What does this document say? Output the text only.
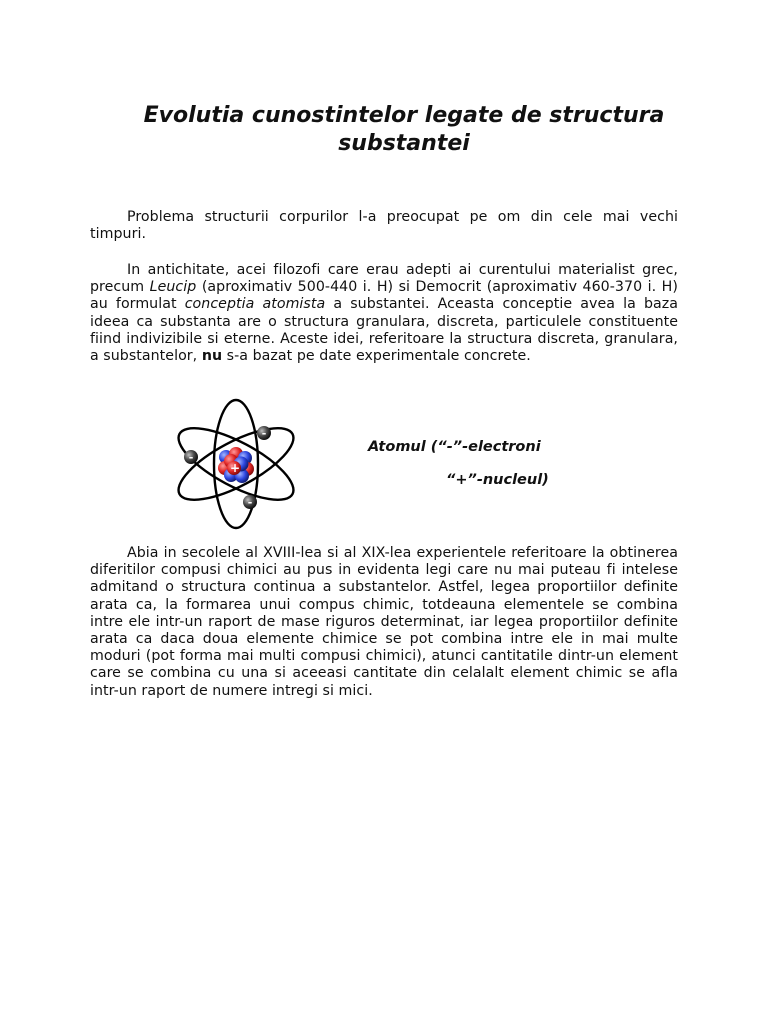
Evolutia cunostintelor legate de structura
substantei

Problema structurii corpurilor l-a preocupat pe om din cele mai vechi timpuri.

In antichitate, acei filozofi care erau adepti ai curentului materialist grec, precum Leucip (aproximativ 500-440 i. H) si Democrit (aproximativ 460-370 i. H) au formulat conceptia atomista a substantei. Aceasta conceptie avea la baza ideea ca substanta are o structura granulara, discreta, particulele constituente fiind indivizibile si eterne. Aceste idei, referitoare la structura discreta, granulara, a substantelor, nu s-a bazat pe date experimentale concrete.

+
-
-
-

Atomul (“-”-electroni

“+”-nucleul)

Abia in secolele al XVIII-lea si al XIX-lea experientele referitoare la obtinerea diferitilor compusi chimici au pus in evidenta legi care nu mai puteau fi intelese admitand o structura continua a substantelor. Astfel, legea proportiilor definite arata ca, la formarea unui compus chimic, totdeauna elementele se combina intre ele intr-un raport de mase riguros determinat, iar legea proportiilor definite arata ca daca doua elemente chimice se pot combina intre ele in mai multe moduri (pot forma mai multi compusi chimici), atunci cantitatile dintr-un element care se combina cu una si aceeasi cantitate din celalalt element chimic se afla intr-un raport de numere intregi si mici.
